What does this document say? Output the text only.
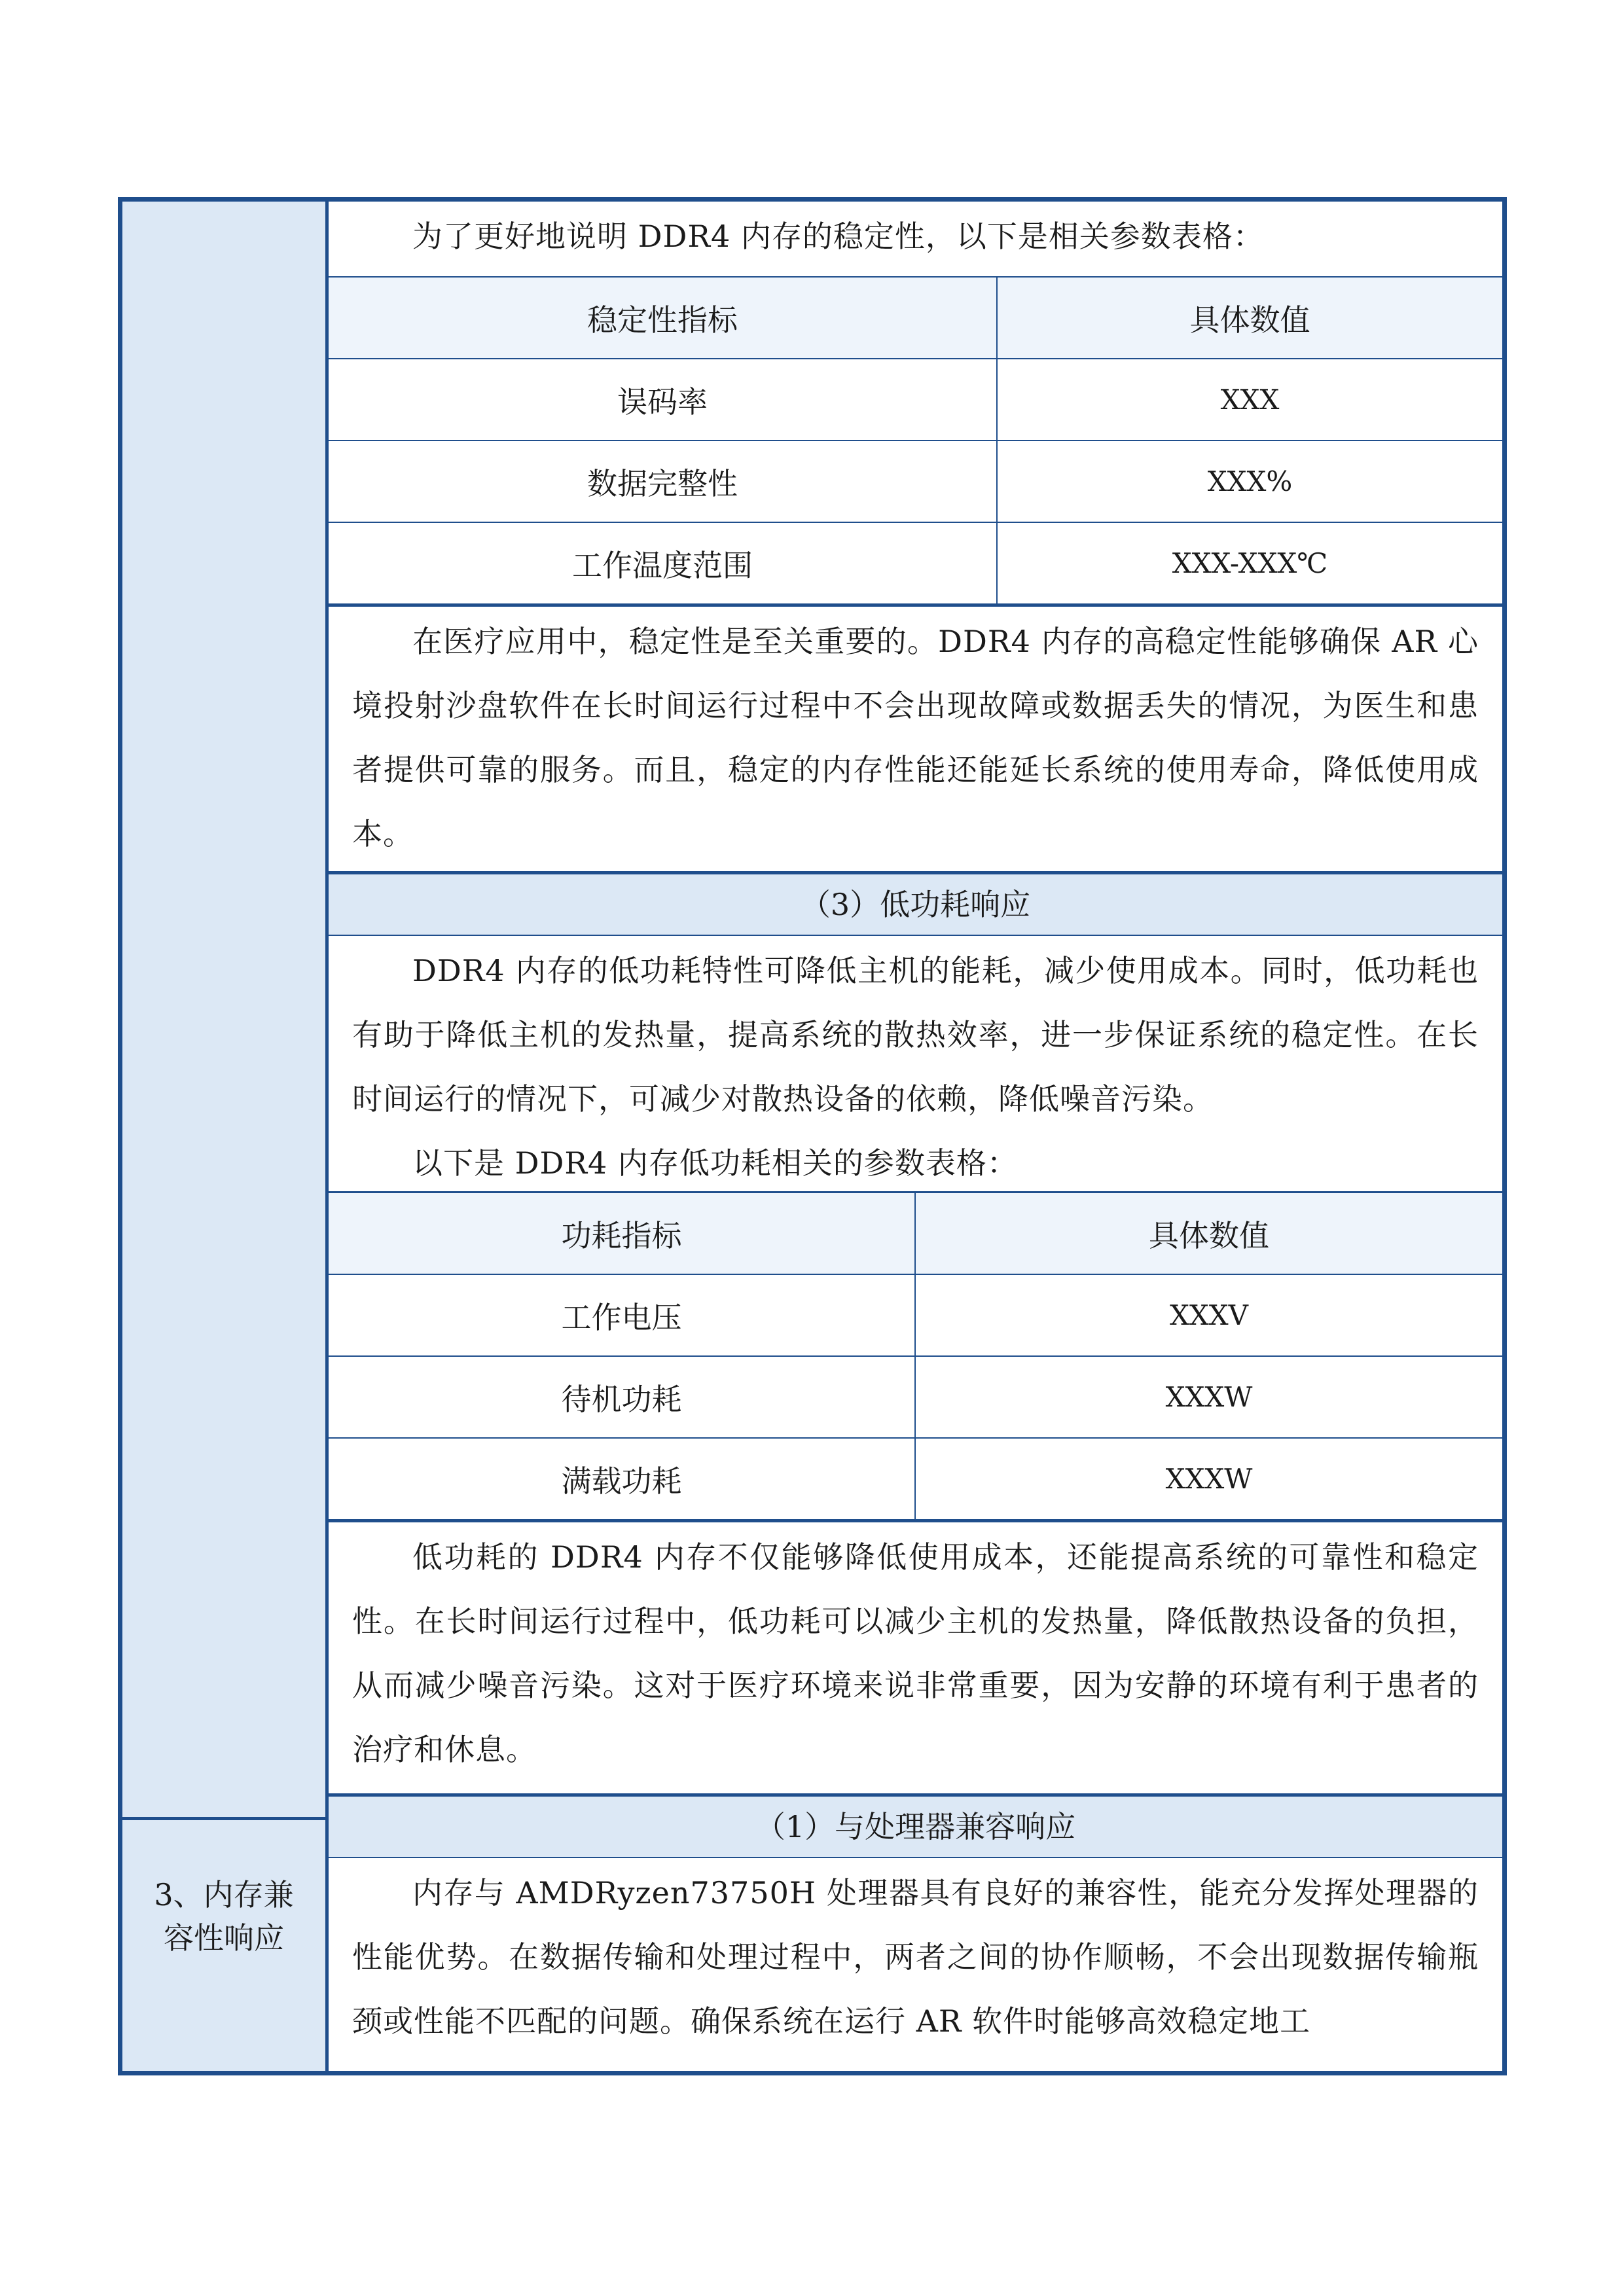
3、内存兼容性响应

为了更好地说明 DDR4 内存的稳定性，以下是相关参数表格：

稳定性指标	具体数值
误码率	XXX
数据完整性	XXX%
工作温度范围	XXX-XXX℃

在医疗应用中，稳定性是至关重要的。DDR4 内存的高稳定性能够确保 AR 心境投射沙盘软件在长时间运行过程中不会出现故障或数据丢失的情况，为医生和患者提供可靠的服务。而且，稳定的内存性能还能延长系统的使用寿命，降低使用成本。

（3）低功耗响应

DDR4 内存的低功耗特性可降低主机的能耗，减少使用成本。同时，低功耗也有助于降低主机的发热量，提高系统的散热效率，进一步保证系统的稳定性。在长时间运行的情况下，可减少对散热设备的依赖，降低噪音污染。

以下是 DDR4 内存低功耗相关的参数表格：

功耗指标	具体数值
工作电压	XXXV
待机功耗	XXXW
满载功耗	XXXW

低功耗的 DDR4 内存不仅能够降低使用成本，还能提高系统的可靠性和稳定性。在长时间运行过程中，低功耗可以减少主机的发热量，降低散热设备的负担，从而减少噪音污染。这对于医疗环境来说非常重要，因为安静的环境有利于患者的治疗和休息。

（1）与处理器兼容响应

内存与 AMDRyzen73750H 处理器具有良好的兼容性，能充分发挥处理器的性能优势。在数据传输和处理过程中，两者之间的协作顺畅，不会出现数据传输瓶颈或性能不匹配的问题。确保系统在运行 AR 软件时能够高效稳定地工
